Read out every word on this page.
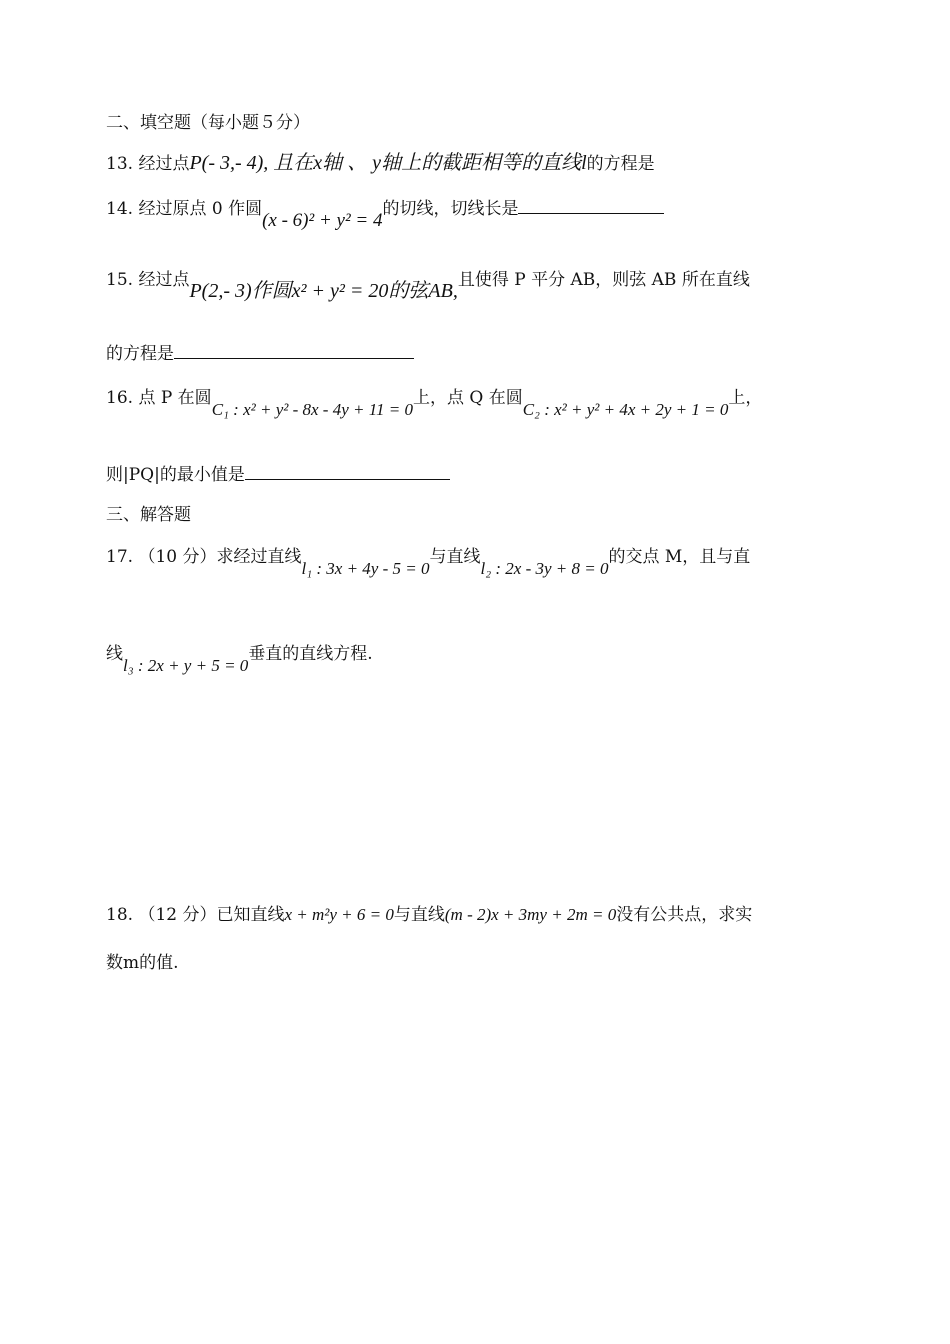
二、填空题（每小题５分）
13. 经过点P(- 3,- 4), 且在x轴 、 y轴上的截距相等的直线l的方程是
14. 经过原点 0 作圆(x - 6)² + y² = 4的切线，切线长是
15. 经过点P(2,- 3)作圆x² + y² = 20的弦AB,且使得 P 平分 AB，则弦 AB 所在直线
的方程是
16. 点 P 在圆C₁ : x² + y² - 8x - 4y + 11 = 0上，点 Q 在圆C₂ : x² + y² + 4x + 2y + 1 = 0上，
则|PQ|的最小值是
三、解答题
17. （10 分）求经过直线l₁ : 3x + 4y - 5 = 0与直线l₂ : 2x - 3y + 8 = 0的交点 M，且与直
线l₃ : 2x + y + 5 = 0垂直的直线方程.
18. （12 分）已知直线x + m²y + 6 = 0与直线(m - 2)x + 3my + 2m = 0没有公共点，求实
数m的值.
